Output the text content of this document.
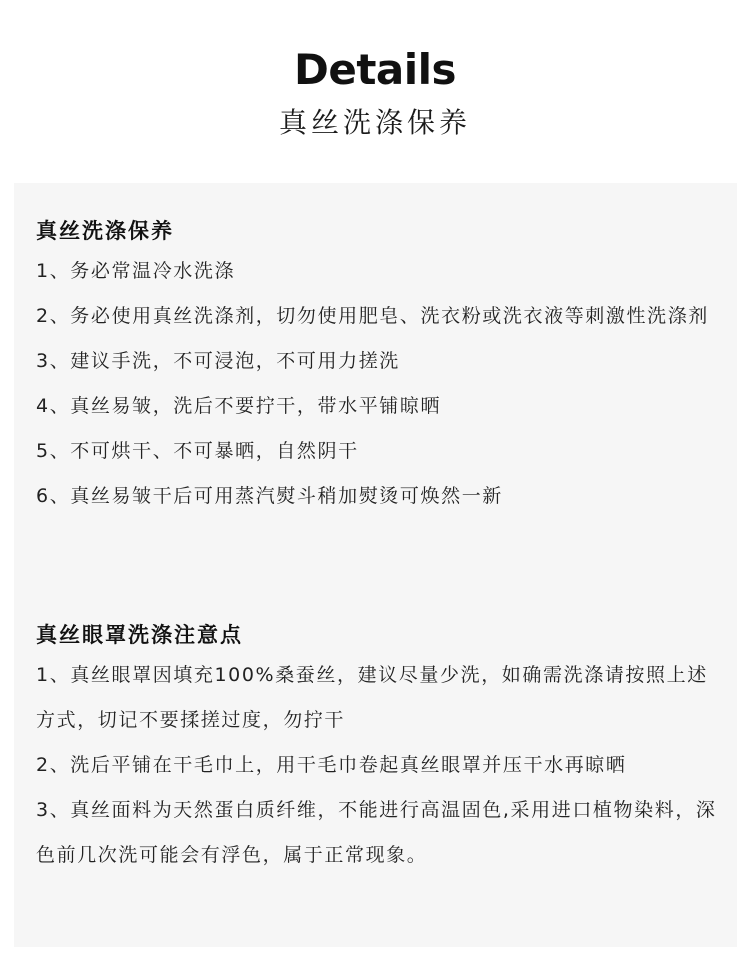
Details
真丝洗涤保养

真丝洗涤保养

1、务必常温冷水洗涤

2、务必使用真丝洗涤剂，切勿使用肥皂、洗衣粉或洗衣液等刺激性洗涤剂

3、建议手洗，不可浸泡，不可用力搓洗

4、真丝易皱，洗后不要拧干，带水平铺晾晒

5、不可烘干、不可暴晒，自然阴干

6、真丝易皱干后可用蒸汽熨斗稍加熨烫可焕然一新

真丝眼罩洗涤注意点

1、真丝眼罩因填充100%桑蚕丝，建议尽量少洗，如确需洗涤请按照上述方式，切记不要揉搓过度，勿拧干

2、洗后平铺在干毛巾上，用干毛巾卷起真丝眼罩并压干水再晾晒

3、真丝面料为天然蛋白质纤维，不能进行高温固色,采用进口植物染料，深色前几次洗可能会有浮色，属于正常现象。
